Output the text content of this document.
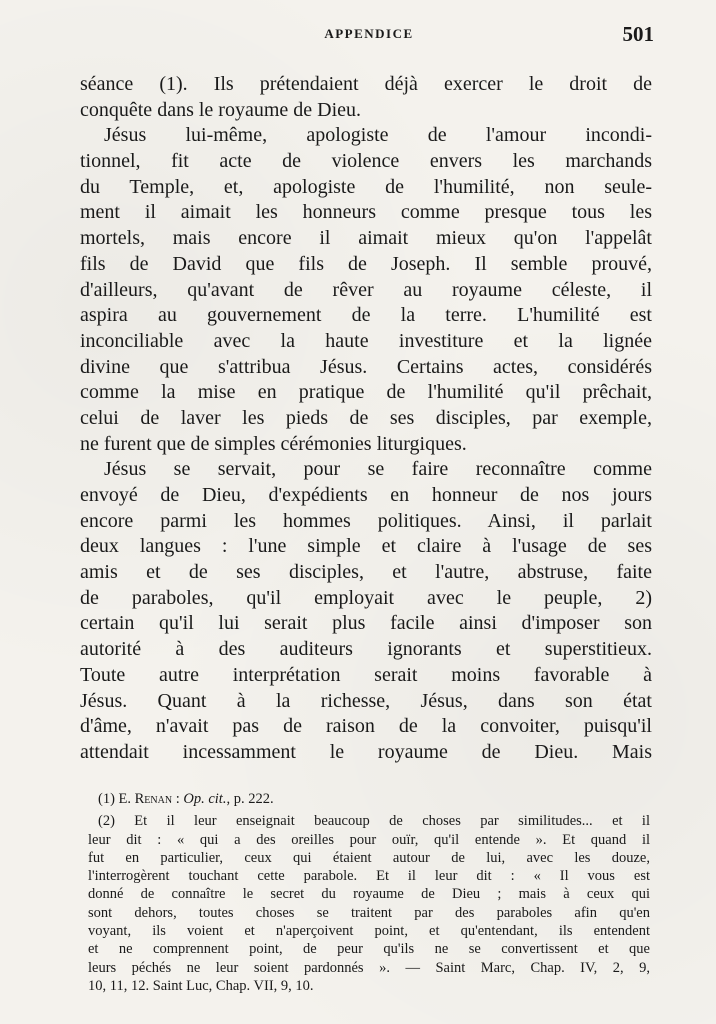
APPENDICE	501
séance (1). Ils prétendaient déjà exercer le droit de
conquête dans le royaume de Dieu.
Jésus lui-même, apologiste de l'amour incondi-
tionnel, fit acte de violence envers les marchands
du Temple, et, apologiste de l'humilité, non seule-
ment il aimait les honneurs comme presque tous les
mortels, mais encore il aimait mieux qu'on l'appelât
fils de David que fils de Joseph. Il semble prouvé,
d'ailleurs, qu'avant de rêver au royaume céleste, il
aspira au gouvernement de la terre. L'humilité est
inconciliable avec la haute investiture et la lignée
divine que s'attribua Jésus. Certains actes, considérés
comme la mise en pratique de l'humilité qu'il prêchait,
celui de laver les pieds de ses disciples, par exemple,
ne furent que de simples cérémonies liturgiques.
Jésus se servait, pour se faire reconnaître comme
envoyé de Dieu, d'expédients en honneur de nos jours
encore parmi les hommes politiques. Ainsi, il parlait
deux langues : l'une simple et claire à l'usage de ses
amis et de ses disciples, et l'autre, abstruse, faite
de paraboles, qu'il employait avec le peuple, 2)
certain qu'il lui serait plus facile ainsi d'imposer son
autorité à des auditeurs ignorants et superstitieux.
Toute autre interprétation serait moins favorable à
Jésus. Quant à la richesse, Jésus, dans son état
d'âme, n'avait pas de raison de la convoiter, puisqu'il
attendait incessamment le royaume de Dieu. Mais
(1) E. Renan : Op. cit., p. 222.
(2) Et il leur enseignait beaucoup de choses par similitudes... et il
leur dit : « qui a des oreilles pour ouïr, qu'il entende ». Et quand il
fut en particulier, ceux qui étaient autour de lui, avec les douze,
l'interrogèrent touchant cette parabole. Et il leur dit : « Il vous est
donné de connaître le secret du royaume de Dieu ; mais à ceux qui
sont dehors, toutes choses se traitent par des paraboles afin qu'en
voyant, ils voient et n'aperçoivent point, et qu'entendant, ils entendent
et ne comprennent point, de peur qu'ils ne se convertissent et que
leurs péchés ne leur soient pardonnés ». — Saint Marc, Chap. IV, 2, 9,
10, 11, 12. Saint Luc, Chap. VII, 9, 10.
